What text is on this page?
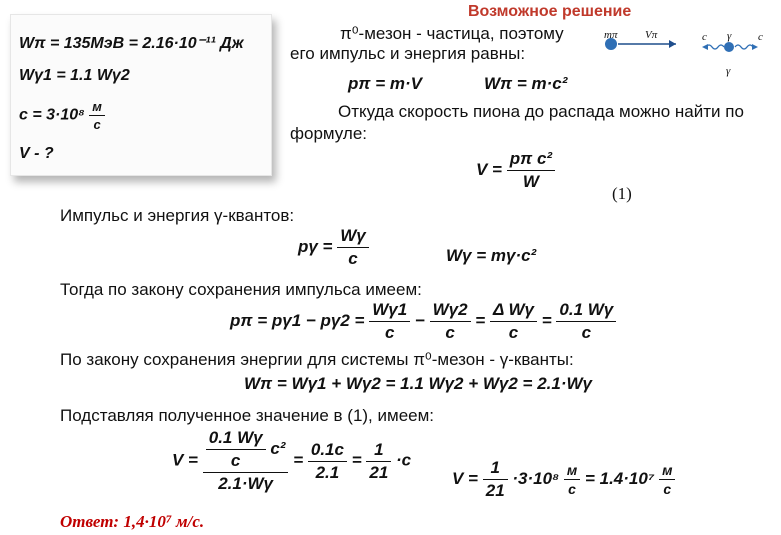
Wπ = 135МэВ = 2.16·10⁻¹¹ Дж
Wγ1 = 1.1 Wγ2
$c = 3\cdot 10^8 \frac{м}{c}$
V - ?
Возможное решение
π⁰-мезон - частица, поэтому
его импульс и энергия равны:
mπ	Vπ	c γ c
γ
pπ = m·V	Wπ = m·c²
Откуда скорость пиона до распада можно найти по
формуле:
$V = \frac{\text{pπ c²}}{W}$
(1)
Импульс и энергия γ-квантов:
$p\gamma = \frac{W\gamma}{c}$	Wγ = mγ·c²
Тогда по закону сохранения импульса имеем:
$p\pi = p\gamma 1 - p\gamma 2 = \frac{W\gamma 1}{c} - \frac{W\gamma 2}{c} = \frac{\text{Δ Wγ}}{c} = \frac{0.1 W\gamma}{c}$
По закону сохранения энергии для системы π⁰-мезон - γ-кванты:
Wπ = Wγ1 + Wγ2 = 1.1 Wγ2 + Wγ2 = 2.1·Wγ
Подставляя полученное значение в (1), имеем:
$V = \frac{\frac{0.1 W\gamma}{c} c^2}{2.1\cdot W\gamma} = \frac{0.1c}{2.1} = \frac{1}{21} \cdot c$
$V = \frac{1}{21} \cdot 3\cdot 10^8 \frac{м}{c} = 1.4\cdot 10^7 \frac{м}{c}$
Ответ: 1,4·10⁷ м/с.
